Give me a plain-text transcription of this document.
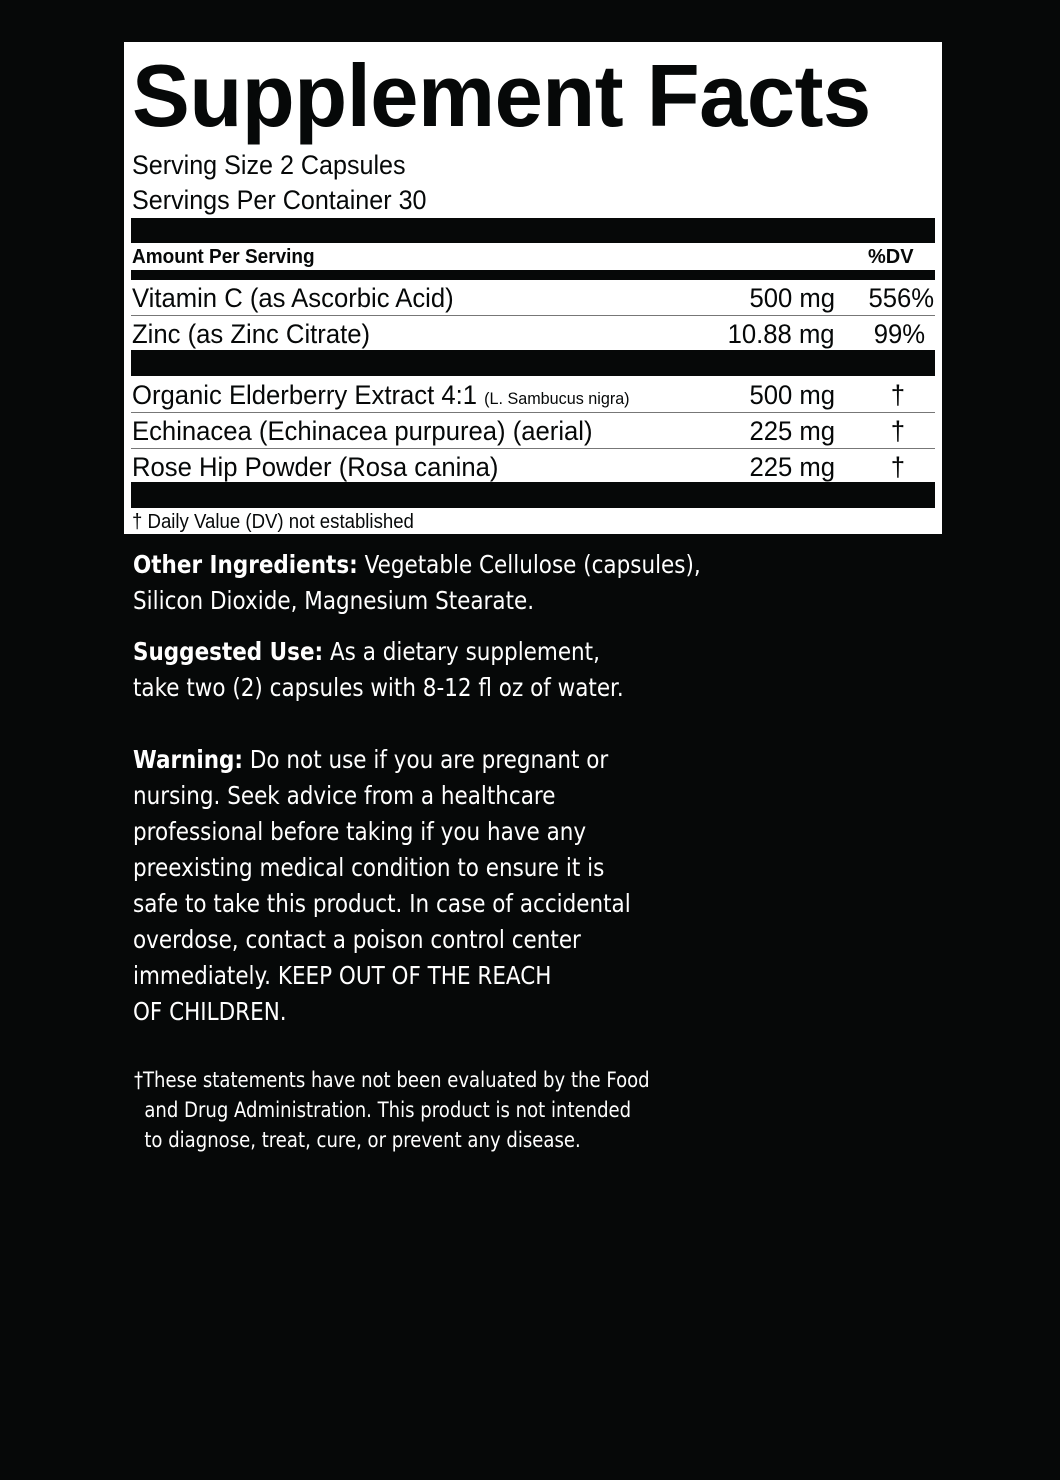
Supplement Facts
Serving Size 2 Capsules
Servings Per Container 30
Amount Per Serving	%DV
Vitamin C (as Ascorbic Acid)	500 mg 556%
Zinc (as Zinc Citrate)	10.88 mg 99%
Organic Elderberry Extract 4:1 (L. Sambucus nigra)	500 mg †
Echinacea (Echinacea purpurea) (aerial)	225 mg †
Rose Hip Powder (Rosa canina)	225 mg †
† Daily Value (DV) not established
Other Ingredients: Vegetable Cellulose (capsules),
Silicon Dioxide, Magnesium Stearate.
Suggested Use: As a dietary supplement,
take two (2) capsules with 8-12 fl oz of water.
Warning: Do not use if you are pregnant or
nursing. Seek advice from a healthcare
professional before taking if you have any
preexisting medical condition to ensure it is
safe to take this product. In case of accidental
overdose, contact a poison control center
immediately. KEEP OUT OF THE REACH
OF CHILDREN.
†These statements have not been evaluated by the Food
and Drug Administration. This product is not intended
to diagnose, treat, cure, or prevent any disease.
